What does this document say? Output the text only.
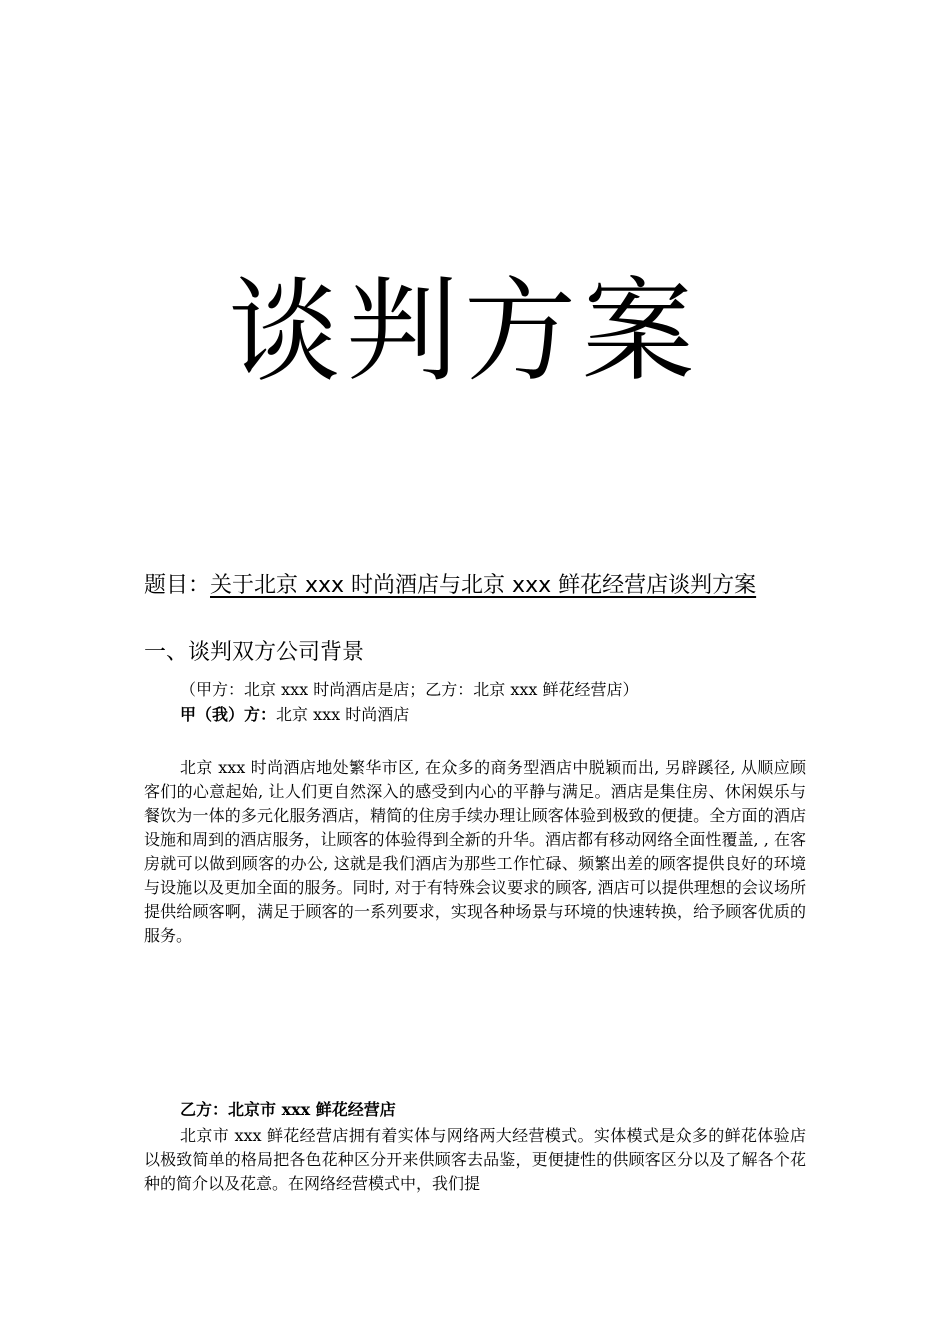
谈判方案
题目：关于北京 xxx 时尚酒店与北京 xxx 鲜花经营店谈判方案
一、谈判双方公司背景

（甲方：北京 xxx 时尚酒店是店；乙方：北京 xxx 鲜花经营店）

甲（我）方：北京 xxx 时尚酒店

北京 xxx 时尚酒店地处繁华市区, 在众多的商务型酒店中脱颖而出, 另辟蹊径, 从顺应顾客们的心意起始, 让人们更自然深入的感受到内心的平静与满足。酒店是集住房、休闲娱乐与餐饮为一体的多元化服务酒店，精简的住房手续办理让顾客体验到极致的便捷。全方面的酒店设施和周到的酒店服务，让顾客的体验得到全新的升华。酒店都有移动网络全面性覆盖, , 在客房就可以做到顾客的办公, 这就是我们酒店为那些工作忙碌、频繁出差的顾客提供良好的环境与设施以及更加全面的服务。同时, 对于有特殊会议要求的顾客, 酒店可以提供理想的会议场所提供给顾客啊，满足于顾客的一系列要求，实现各种场景与环境的快速转换，给予顾客优质的服务。

乙方：北京市 xxx 鲜花经营店

北京市 xxx 鲜花经营店拥有着实体与网络两大经营模式。实体模式是众多的鲜花体验店以极致简单的格局把各色花种区分开来供顾客去品鉴，更便捷性的供顾客区分以及了解各个花种的简介以及花意。在网络经营模式中，我们提
